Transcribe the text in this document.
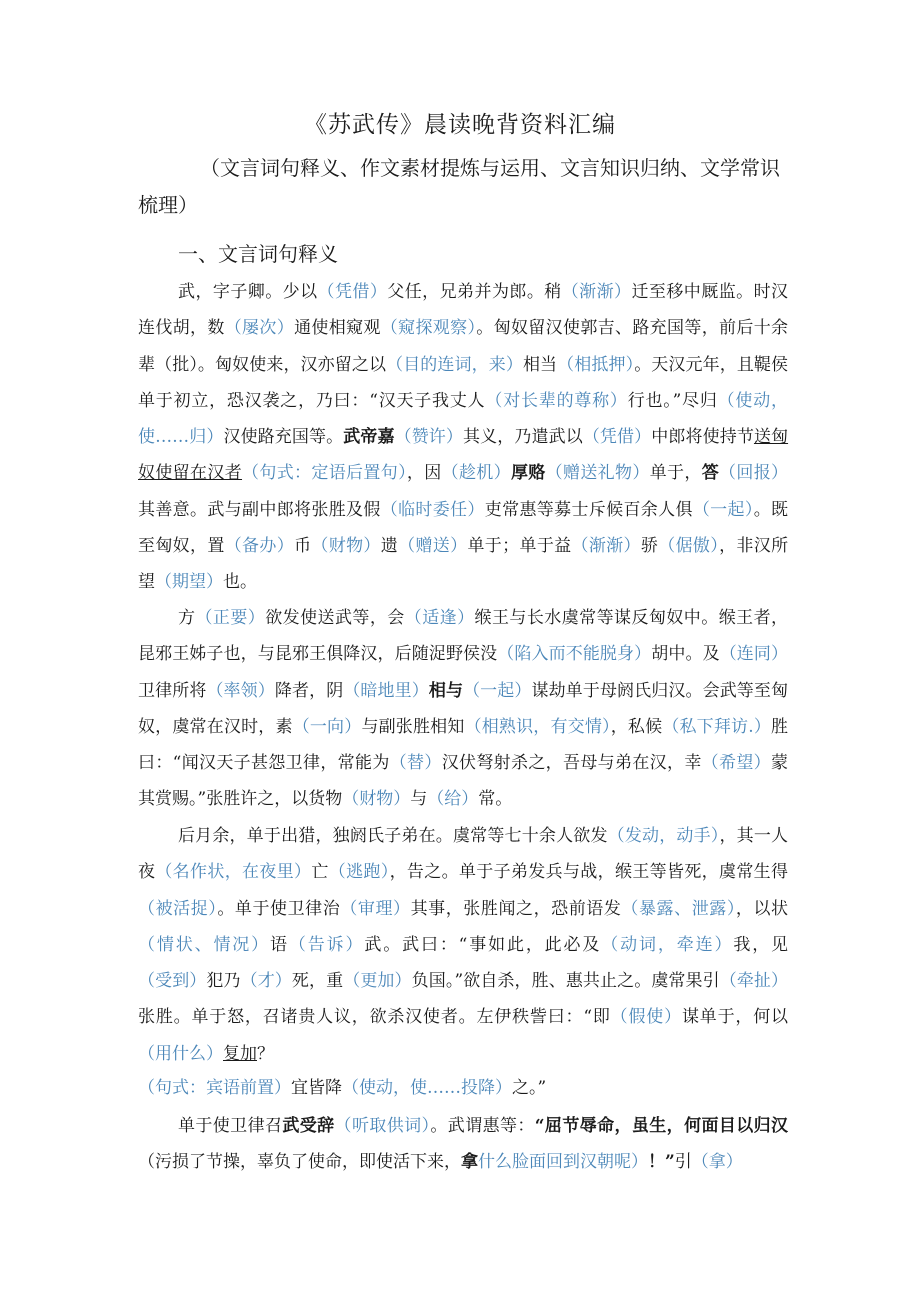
《苏武传》晨读晚背资料汇编
（文言词句释义、作文素材提炼与运用、文言知识归纳、文学常识梳理）
一、文言词句释义

武，字子卿。少以（凭借）父任，兄弟并为郎。稍（渐渐）迁至移中厩监。时汉连伐胡，数（屡次）通使相窥观（窥探观察）。匈奴留汉使郭吉、路充国等，前后十余辈（批）。匈奴使来，汉亦留之以（目的连词，来）相当（相抵押）。天汉元年，且鞮侯单于初立，恐汉袭之，乃曰：“汉天子我丈人（对长辈的尊称）行也。”尽归（使动，使……归）汉使路充国等。武帝嘉（赞许）其义，乃遣武以（凭借）中郎将使持节送匈奴使留在汉者（句式：定语后置句），因（趁机）厚赂（赠送礼物）单于，答（回报）其善意。武与副中郎将张胜及假（临时委任）吏常惠等募士斥候百余人俱（一起）。既至匈奴，置（备办）币（财物）遗（赠送）单于；单于益（渐渐）骄（倨傲），非汉所望（期望）也。

方（正要）欲发使送武等，会（适逢）缑王与长水虞常等谋反匈奴中。缑王者，昆邪王姊子也，与昆邪王俱降汉，后随浞野侯没（陷入而不能脱身）胡中。及（连同）卫律所将（率领）降者，阴（暗地里）相与（一起）谋劫单于母阏氏归汉。会武等至匈奴，虞常在汉时，素（一向）与副张胜相知（相熟识，有交情），私候（私下拜访.）胜曰：“闻汉天子甚怨卫律，常能为（替）汉伏弩射杀之，吾母与弟在汉，幸（希望）蒙其赏赐。”张胜许之，以货物（财物）与（给）常。

后月余，单于出猎，独阏氏子弟在。虞常等七十余人欲发（发动，动手），其一人夜（名作状，在夜里）亡（逃跑），告之。单于子弟发兵与战，缑王等皆死，虞常生得（被活捉）。单于使卫律治（审理）其事，张胜闻之，恐前语发（暴露、泄露），以状（情状、情况）语（告诉）武。武曰：“事如此，此必及（动词，牵连）我，见（受到）犯乃（才）死，重（更加）负国。”欲自杀，胜、惠共止之。虞常果引（牵扯）张胜。单于怒，召诸贵人议，欲杀汉使者。左伊秩訾曰：“即（假使）谋单于，何以（用什么）复加？

（句式：宾语前置）宜皆降（使动，使……投降）之。”

单于使卫律召武受辞（听取供词）。武谓惠等：“屈节辱命，虽生，何面目以归汉（污损了节操，辜负了使命，即使活下来，拿什么脸面回到汉朝呢）！”引（拿）
